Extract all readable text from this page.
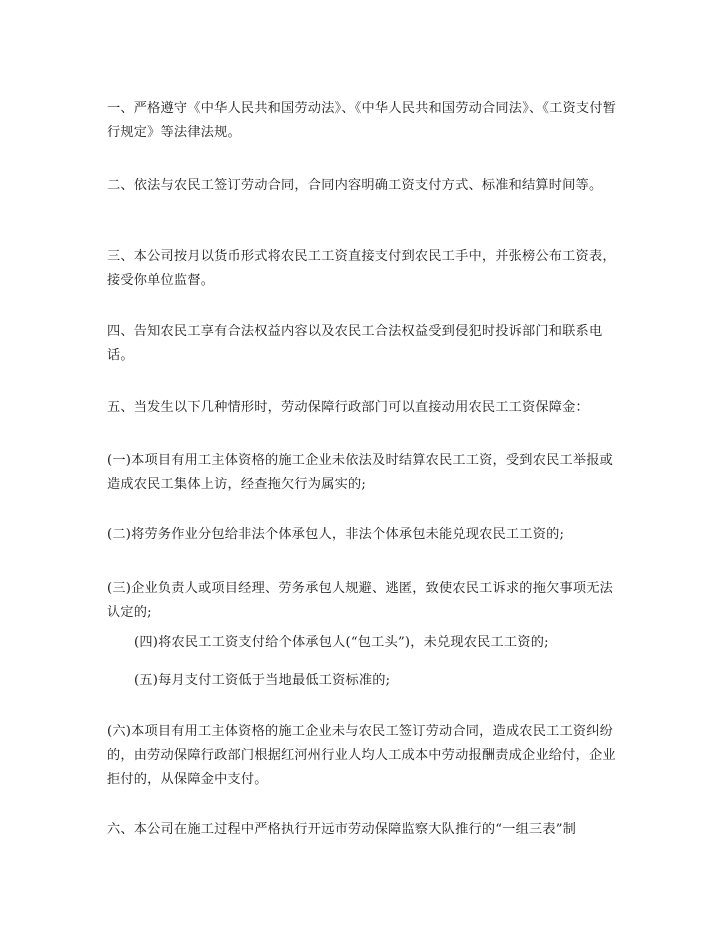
一、严格遵守《中华人民共和国劳动法》、《中华人民共和国劳动合同法》、《工资支付暂行规定》等法律法规。

二、依法与农民工签订劳动合同，合同内容明确工资支付方式、标准和结算时间等。

三、本公司按月以货币形式将农民工工资直接支付到农民工手中，并张榜公布工资表，接受你单位监督。

四、告知农民工享有合法权益内容以及农民工合法权益受到侵犯时投诉部门和联系电话。

五、当发生以下几种情形时，劳动保障行政部门可以直接动用农民工工资保障金：

(一)本项目有用工主体资格的施工企业未依法及时结算农民工工资，受到农民工举报或造成农民工集体上访，经查拖欠行为属实的;

(二)将劳务作业分包给非法个体承包人，非法个体承包未能兑现农民工工资的;

(三)企业负责人或项目经理、劳务承包人规避、逃匿，致使农民工诉求的拖欠事项无法认定的;

(四)将农民工工资支付给个体承包人(“包工头”)，未兑现农民工工资的;

(五)每月支付工资低于当地最低工资标准的;

(六)本项目有用工主体资格的施工企业未与农民工签订劳动合同，造成农民工工资纠纷的，由劳动保障行政部门根据红河州行业人均人工成本中劳动报酬责成企业给付，企业拒付的，从保障金中支付。

六、本公司在施工过程中严格执行开远市劳动保障监察大队推行的“一组三表”制
